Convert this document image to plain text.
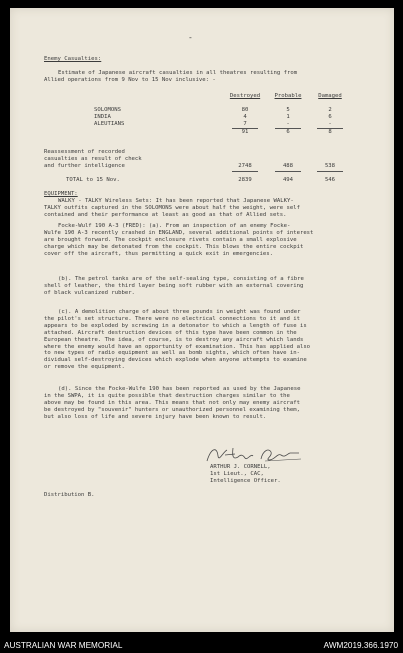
-
Enemy Casualties:
Estimate of Japanese aircraft casualties in all theatres resulting from
Allied operations from 9 Nov to 15 Nov inclusive: -
Destroyed	Probable	Damaged
SOLOMONS	80	5	2
INDIA	4	1	6
ALEUTIANS	7	-	-
91	6	8
Reassessment of recorded
casualties as result of check
and further intelligence	2748	488	538
TOTAL to 15 Nov.	2839	494	546
EQUIPMENT:
WALKY - TALKY Wireless Sets: It has been reported that Japanese WALKY-
TALKY outfits captured in the SOLOMONS were about half the weight, were self
contained and their performance at least as good as that of Allied sets.
Focke-Wulf 190 A-3 (FRED): (a). From an inspection of an enemy Focke-
Wulfe 190 A-3 recently crashed in ENGLAND, several additional points of interest
are brought forward. The cockpit enclosure rivets contain a small explosive
charge which may be detonated from the cockpit. This blows the entire cockpit
cover off the aircraft, thus permitting a quick exit in emergencies.
(b). The petrol tanks are of the self-sealing type, consisting of a fibre
shell of leather, the third layer being soft rubber with an external covering
of black vulcanized rubber.
(c). A demolition charge of about three pounds in weight was found under
the pilot's set structure. There were no electrical connections to it and it
appears to be exploded by screwing in a detonator to which a length of fuse is
attached. Aircraft destruction devices of this type have been common in the
European theatre. The idea, of course, is to destroy any aircraft which lands
where the enemy would have an opportunity of examination. This has applied also
to new types of radio equipment as well as bomb sights, which often have in-
dividual self-destroying devices which explode when anyone attempts to examine
or remove the equipment.
(d). Since the Focke-Wulfe 190 has been reported as used by the Japanese
in the SWPA, it is quite possible that destruction charges similar to the
above may be found in this area. This means that not only may enemy aircraft
be destroyed by "souvenir" hunters or unauthorized personnel examining them,
but also loss of life and severe injury have been known to result.
ARTHUR J. CORNELL,
1st Lieut., CAC,
Intelligence Officer.
Distribution B.
AUSTRALIAN WAR MEMORIAL	AWM2019.366.1970
